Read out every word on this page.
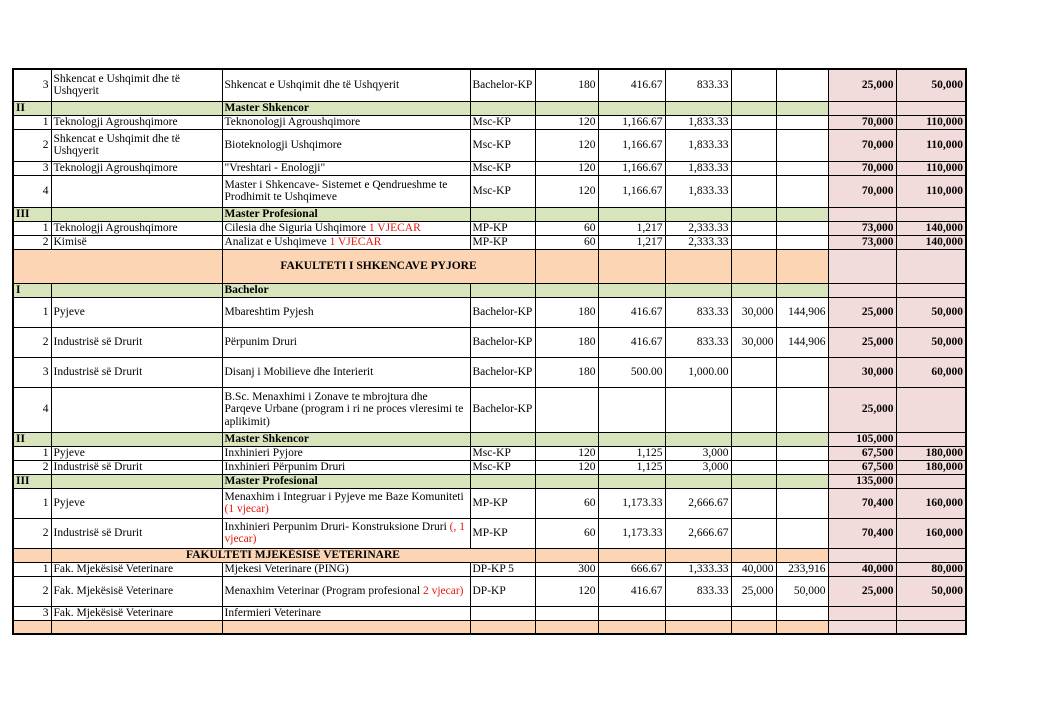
3	Shkencat e Ushqimit dhe të Ushqyerit	Shkencat e Ushqimit dhe të Ushqyerit	Bachelor-KP	180	416.67	833.33			25,000	50,000
II		Master Shkencor								
1	Teknologji Agroushqimore	Teknonologji Agroushqimore	Msc-KP	120	1,166.67	1,833.33			70,000	110,000
2	Shkencat e Ushqimit dhe të Ushqyerit	Bioteknologji Ushqimore	Msc-KP	120	1,166.67	1,833.33			70,000	110,000
3	Teknologji Agroushqimore	"Vreshtari - Enologji"	Msc-KP	120	1,166.67	1,833.33			70,000	110,000
4		Master i Shkencave- Sistemet e Qendrueshme te Prodhimit te Ushqimeve	Msc-KP	120	1,166.67	1,833.33			70,000	110,000
III		Master Profesional								
1	Teknologji Agroushqimore	Cilesia dhe Siguria Ushqimore 1 VJECAR	MP-KP	60	1,217	2,333.33			73,000	140,000
2	Kimisë	Analizat e Ushqimeve 1 VJECAR	MP-KP	60	1,217	2,333.33			73,000	140,000
		FAKULTETI I SHKENCAVE PYJORE								
I		Bachelor								
1	Pyjeve	Mbareshtim Pyjesh	Bachelor-KP	180	416.67	833.33	30,000	144,906	25,000	50,000
2	Industrisë së Drurit	Përpunim Druri	Bachelor-KP	180	416.67	833.33	30,000	144,906	25,000	50,000
3	Industrisë së Drurit	Disanj i Mobilieve dhe Interierit	Bachelor-KP	180	500.00	1,000.00			30,000	60,000
4		B.Sc. Menaxhimi i Zonave te mbrojtura dhe Parqeve Urbane (program i ri ne proces vleresimi te aplikimit)	Bachelor-KP						25,000	
II		Master Shkencor							105,000	
1	Pyjeve	Inxhinieri Pyjore	Msc-KP	120	1,125	3,000			67,500	180,000
2	Industrisë së Drurit	Inxhinieri Përpunim Druri	Msc-KP	120	1,125	3,000			67,500	180,000
III		Master Profesional							135,000	
1	Pyjeve	Menaxhim i Integruar i Pyjeve me Baze Komuniteti (1 vjecar)	MP-KP	60	1,173.33	2,666.67			70,400	160,000
2	Industrisë së Drurit	Inxhinieri Perpunim Druri- Konstruksione Druri (, 1 vjecar)	MP-KP	60	1,173.33	2,666.67			70,400	160,000
	FAKULTETI MJEKËSISË VETERINARE									
1	Fak. Mjekësisë Veterinare	Mjekesi Veterinare (PING)	DP-KP 5	300	666.67	1,333.33	40,000	233,916	40,000	80,000
2	Fak. Mjekësisë Veterinare	Menaxhim Veterinar (Program profesional 2 vjecar)	DP-KP	120	416.67	833.33	25,000	50,000	25,000	50,000
3	Fak. Mjekësisë Veterinare	Infermieri Veterinare								
